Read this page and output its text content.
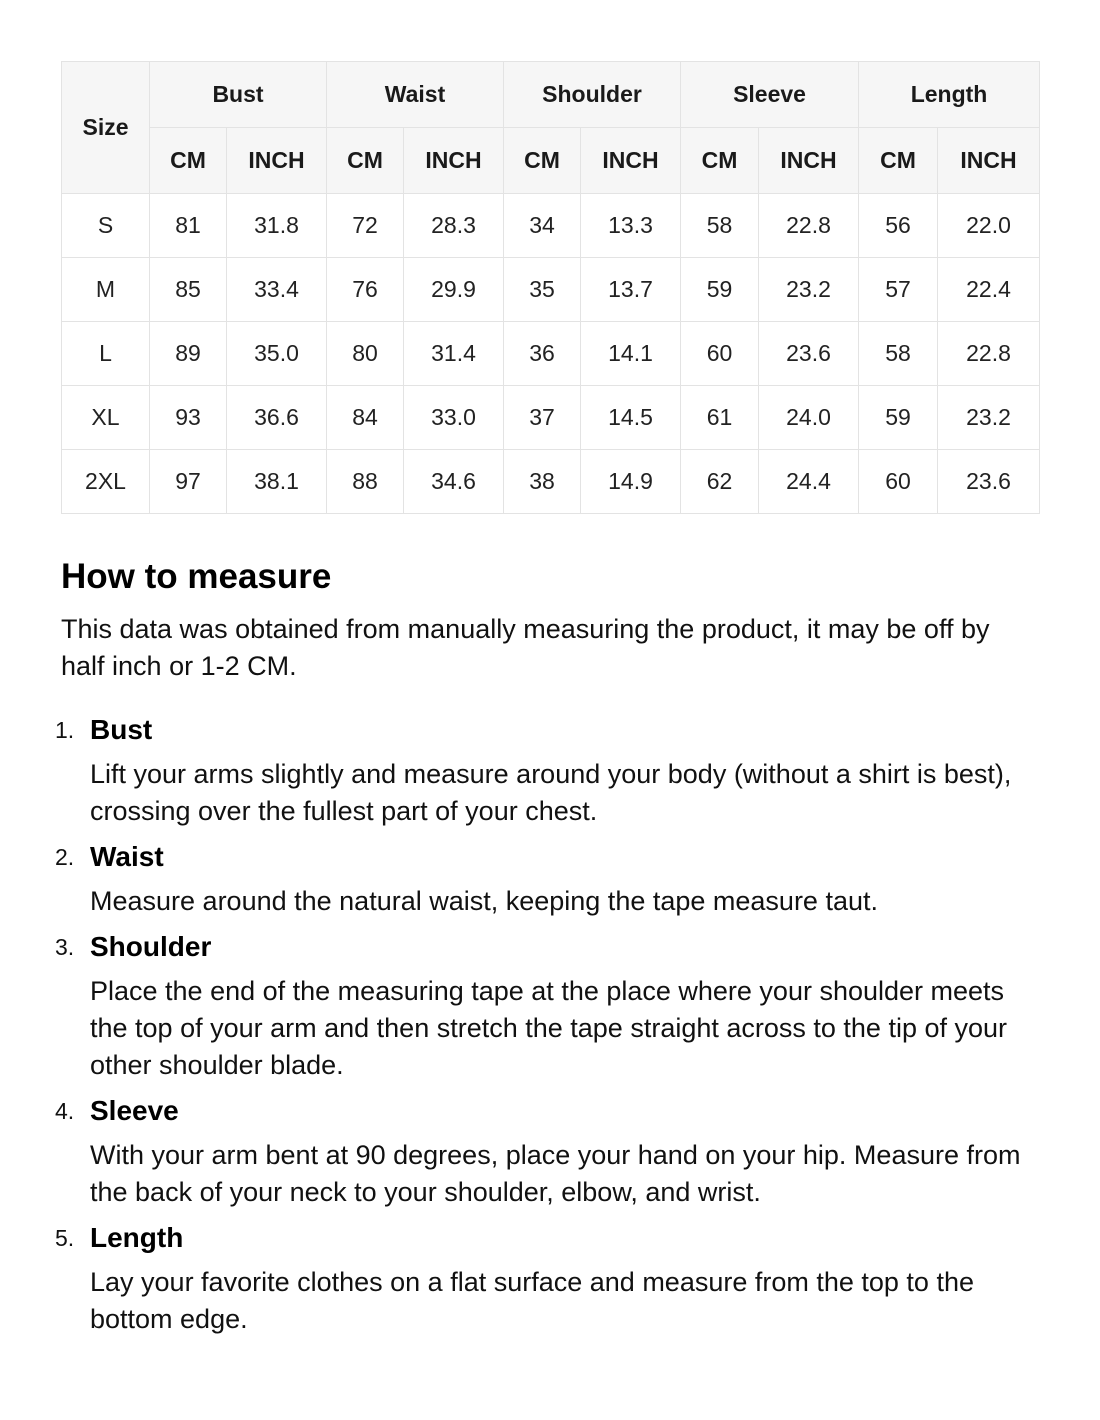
Size	Bust		Waist		Shoulder		Sleeve		Length	
	CM	INCH	CM	INCH	CM	INCH	CM	INCH	CM	INCH
S	81	31.8	72	28.3	34	13.3	58	22.8	56	22.0
M	85	33.4	76	29.9	35	13.7	59	23.2	57	22.4
L	89	35.0	80	31.4	36	14.1	60	23.6	58	22.8
XL	93	36.6	84	33.0	37	14.5	61	24.0	59	23.2
2XL	97	38.1	88	34.6	38	14.9	62	24.4	60	23.6
How to measure

This data was obtained from manually measuring the product, it may be off by half inch or 1-2 CM.

1. Bust

Lift your arms slightly and measure around your body (without a shirt is best), crossing over the fullest part of your chest.

2. Waist

Measure around the natural waist, keeping the tape measure taut.

3. Shoulder

Place the end of the measuring tape at the place where your shoulder meets the top of your arm and then stretch the tape straight across to the tip of your other shoulder blade.

4. Sleeve

With your arm bent at 90 degrees, place your hand on your hip. Measure from the back of your neck to your shoulder, elbow, and wrist.

5. Length

Lay your favorite clothes on a flat surface and measure from the top to the bottom edge.
